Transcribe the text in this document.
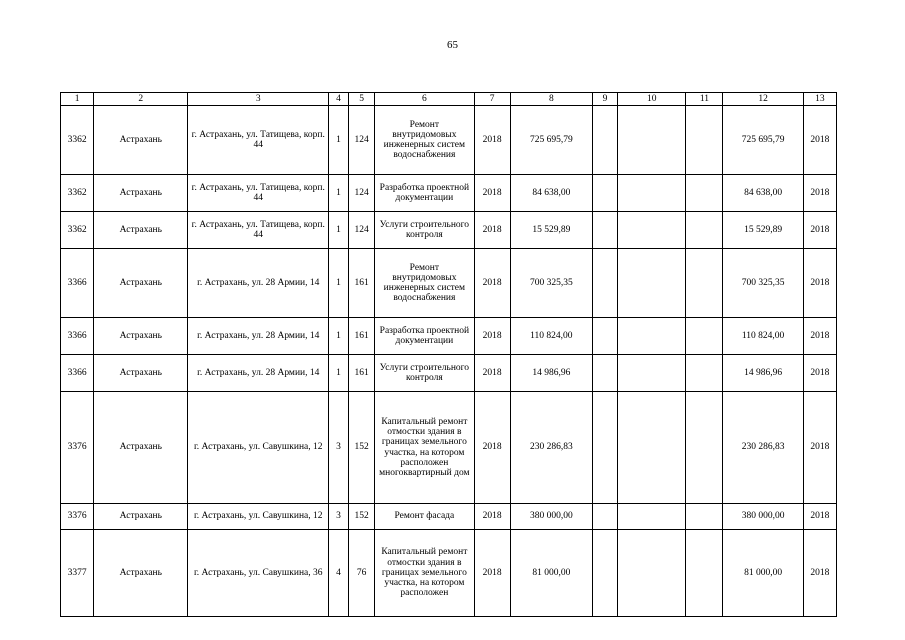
65
1	2	3	4	5	6	7	8	9	10	11	12	13
3362	Астрахань	г. Астрахань, ул. Татищева, корп. 44	1	124	Ремонт внутридомовых инженерных систем водоснабжения	2018	725 695,79				725 695,79	2018
3362	Астрахань	г. Астрахань, ул. Татищева, корп. 44	1	124	Разработка проектной документации	2018	84 638,00				84 638,00	2018
3362	Астрахань	г. Астрахань, ул. Татищева, корп. 44	1	124	Услуги строительного контроля	2018	15 529,89				15 529,89	2018
3366	Астрахань	г. Астрахань, ул. 28 Армии, 14	1	161	Ремонт внутридомовых инженерных систем водоснабжения	2018	700 325,35				700 325,35	2018
3366	Астрахань	г. Астрахань, ул. 28 Армии, 14	1	161	Разработка проектной документации	2018	110 824,00				110 824,00	2018
3366	Астрахань	г. Астрахань, ул. 28 Армии, 14	1	161	Услуги строительного контроля	2018	14 986,96				14 986,96	2018
3376	Астрахань	г. Астрахань, ул. Савушкина, 12	3	152	Капитальный ремонт отмостки здания в границах земельного участка, на котором расположен многоквартирный дом	2018	230 286,83				230 286,83	2018
3376	Астрахань	г. Астрахань, ул. Савушкина, 12	3	152	Ремонт фасада	2018	380 000,00				380 000,00	2018
3377	Астрахань	г. Астрахань, ул. Савушкина, 36	4	76	Капитальный ремонт отмостки здания в границах земельного участка, на котором расположен	2018	81 000,00				81 000,00	2018
